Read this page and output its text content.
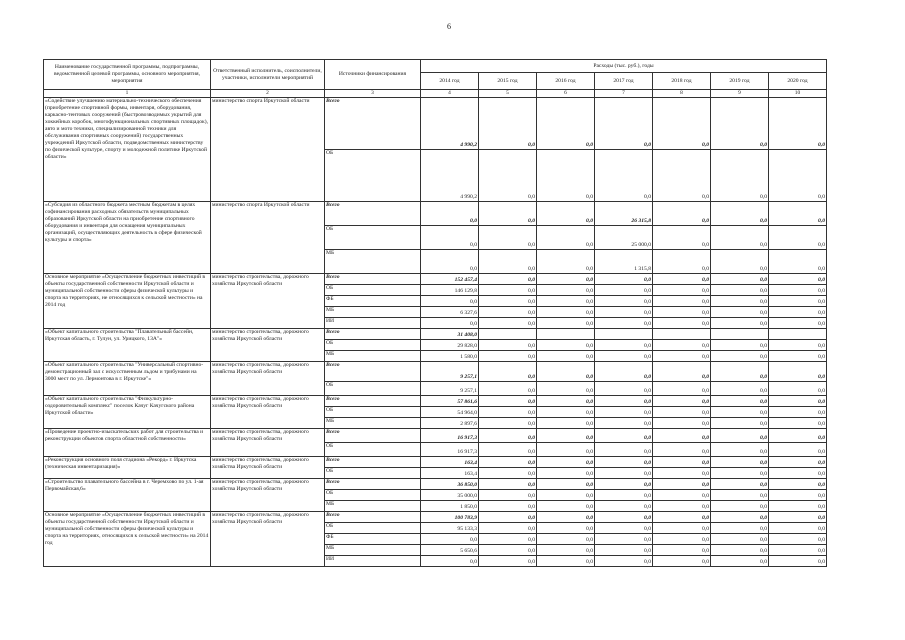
6
Наименование государственной программы, подпрограммы, ведомственной целевой программы, основного мероприятия, мероприятия	Ответственный исполнитель, соисполнители, участники, исполнители мероприятий	Источники финансирования	Расходы (тыс. руб.), годы						
			2014 год	2015 год	2016 год	2017 год	2018 год	2019 год	2020 год
1	2	3	4	5	6	7	8	9	10
«Содействие улучшению материально-технического обеспечения (приобретение спортивной формы, инвентаря, оборудования, каркасно-тентовых сооружений (быстровозводимых укрытий для хоккейных коробок, многофункциональных спортивных площадок), авто и мото техники, специализированной техники для обслуживания спортивных сооружений) государственных учреждений Иркутской области, подведомственных министерству по физической культуре, спорту и молодежной политике Иркутской области»	министерство спорта Иркутской области	Всего	4 990,2	0,0	0,0	0,0	0,0	0,0	0,0
		ОБ	4 990,2	0,0	0,0	0,0	0,0	0,0	0,0
«Субсидия из областного бюджета местным бюджетам в целях софинансирования расходных обязательств муниципальных образований Иркутской области на приобретение спортивного оборудования и инвентаря для оснащения муниципальных организаций, осуществляющих деятельность в сфере физической культуры и спорта»	министерство спорта Иркутской области	Всего	0,0	0,0	0,0	26 315,8	0,0	0,0	0,0
		ОБ	0,0	0,0	0,0	25 000,0	0,0	0,0	0,0
		МБ	0,0	0,0	0,0	1 315,8	0,0	0,0	0,0
Основное мероприятие «Осуществление бюджетных инвестиций в объекты государственной собственности Иркутской области и муниципальной собственности сферы физической культуры и спорта на территориях, не относящихся к сельской местности» на 2014 год	министерство строительства, дорожного хозяйства Иркутской области	Всего	152 457,4	0,0	0,0	0,0	0,0	0,0	0,0
		ОБ	146 129,8	0,0	0,0	0,0	0,0	0,0	0,0
		ФБ	0,0	0,0	0,0	0,0	0,0	0,0	0,0
		МБ	6 327,6	0,0	0,0	0,0	0,0	0,0	0,0
		ИИ	0,0	0,0	0,0	0,0	0,0	0,0	0,0
«Объект капитального строительства "Плавательный бассейн, Иркутская область, г. Тулун, ул. Урицкого, 13А"»	министерство строительства, дорожного хозяйства Иркутской области	Всего	31 408,0						
		ОБ	29 828,0	0,0	0,0	0,0	0,0	0,0	0,0
		МБ	1 580,0	0,0	0,0	0,0	0,0	0,0	0,0
«Объект капитального строительства "Универсальный спортивно-демонстрационный зал с искусственным льдом и трибунами на 3000 мест по ул. Лермонтова в г. Иркутске"»	министерство строительства, дорожного хозяйства Иркутской области	Всего	9 257,1	0,0	0,0	0,0	0,0	0,0	0,0
		ОБ	9 257,1	0,0	0,0	0,0	0,0	0,0	0,0
«Объект капитального строительства "Физкультурно-оздоровительный комплекс" поселок Качуг Качугского района Иркутской области»	министерство строительства, дорожного хозяйства Иркутской области	Всего	57 861,6	0,0	0,0	0,0	0,0	0,0	0,0
		ОБ	54 964,0	0,0	0,0	0,0	0,0	0,0	0,0
		МБ	2 897,6	0,0	0,0	0,0	0,0	0,0	0,0
«Проведение проектно-изыскательских работ для строительства и реконструкции объектов спорта областной собственности»	министерство строительства, дорожного хозяйства Иркутской области	Всего	16 917,3	0,0	0,0	0,0	0,0	0,0	0,0
		ОБ	16 917,3	0,0	0,0	0,0	0,0	0,0	0,0
«Реконструкция основного поля стадиона «Рекорд» г. Иркутска (техническая инвентаризация)»	министерство строительства, дорожного хозяйства Иркутской области	Всего	163,4	0,0	0,0	0,0	0,0	0,0	0,0
		ОБ	163,4	0,0	0,0	0,0	0,0	0,0	0,0
«Строительство плавательного бассейна в г. Черемхово по ул. 1-ая Первомайская,6»	министерство строительства, дорожного хозяйства Иркутской области	Всего	36 850,0	0,0	0,0	0,0	0,0	0,0	0,0
		ОБ	35 000,0	0,0	0,0	0,0	0,0	0,0	0,0
		МБ	1 850,0	0,0	0,0	0,0	0,0	0,0	0,0
Основное мероприятие «Осуществление бюджетных инвестиций в объекты государственной собственности Иркутской области и муниципальной собственности сферы физической культуры и спорта на территориях, относящихся к сельской местности» на 2014 год	министерство строительства, дорожного хозяйства Иркутской области	Всего	100 783,9	0,0	0,0	0,0	0,0	0,0	0,0
		ОБ	95 133,3	0,0	0,0	0,0	0,0	0,0	0,0
		ФБ	0,0	0,0	0,0	0,0	0,0	0,0	0,0
		МБ	5 650,6	0,0	0,0	0,0	0,0	0,0	0,0
		ИИ	0,0	0,0	0,0	0,0	0,0	0,0	0,0
